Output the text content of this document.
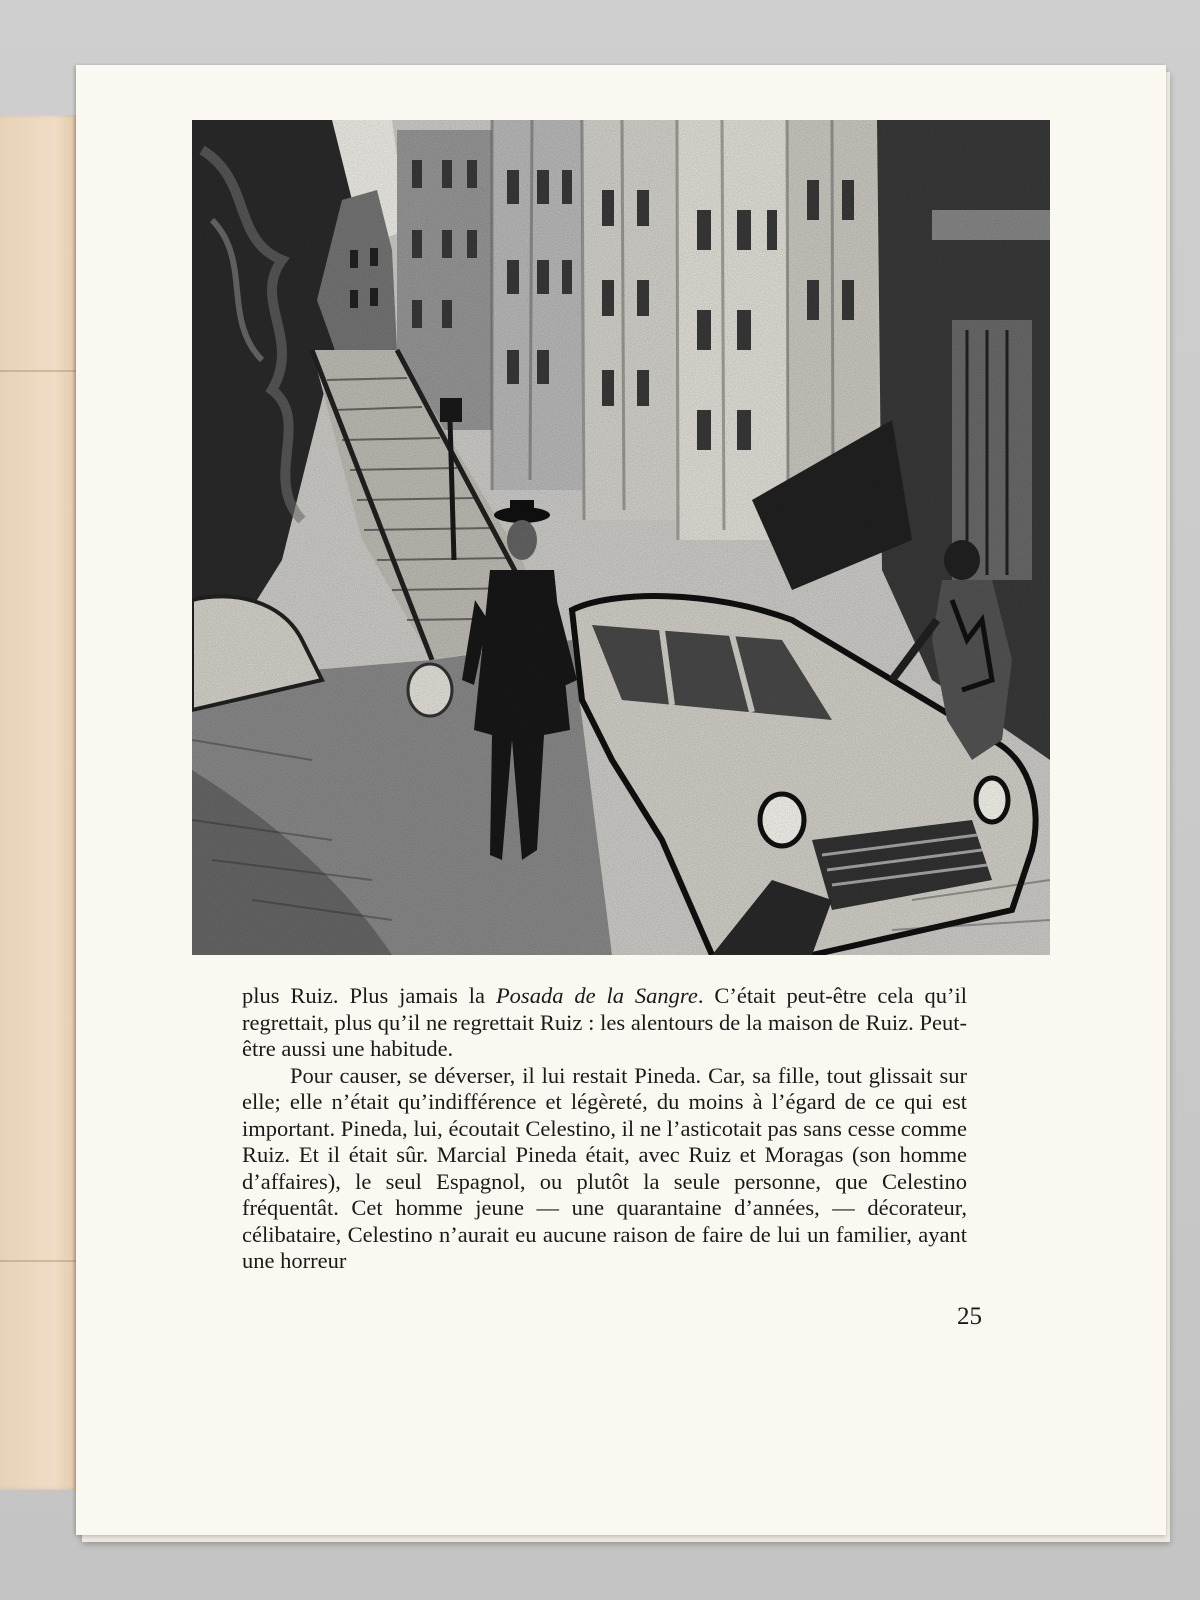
plus Ruiz. Plus jamais la Posada de la Sangre. C’était peut-être cela qu’il regrettait, plus qu’il ne regrettait Ruiz : les alentours de la maison de Ruiz. Peut-être aussi une habitude.

Pour causer, se déverser, il lui restait Pineda. Car, sa fille, tout glissait sur elle; elle n’était qu’indifférence et légèreté, du moins à l’égard de ce qui est important. Pineda, lui, écoutait Celestino, il ne l’asticotait pas sans cesse comme Ruiz. Et il était sûr. Marcial Pineda était, avec Ruiz et Moragas (son homme d’affaires), le seul Espagnol, ou plutôt la seule personne, que Celestino fréquentât. Cet homme jeune — une quarantaine d’années, — décorateur, célibataire, Celestino n’aurait eu aucune raison de faire de lui un familier, ayant une horreur

25
